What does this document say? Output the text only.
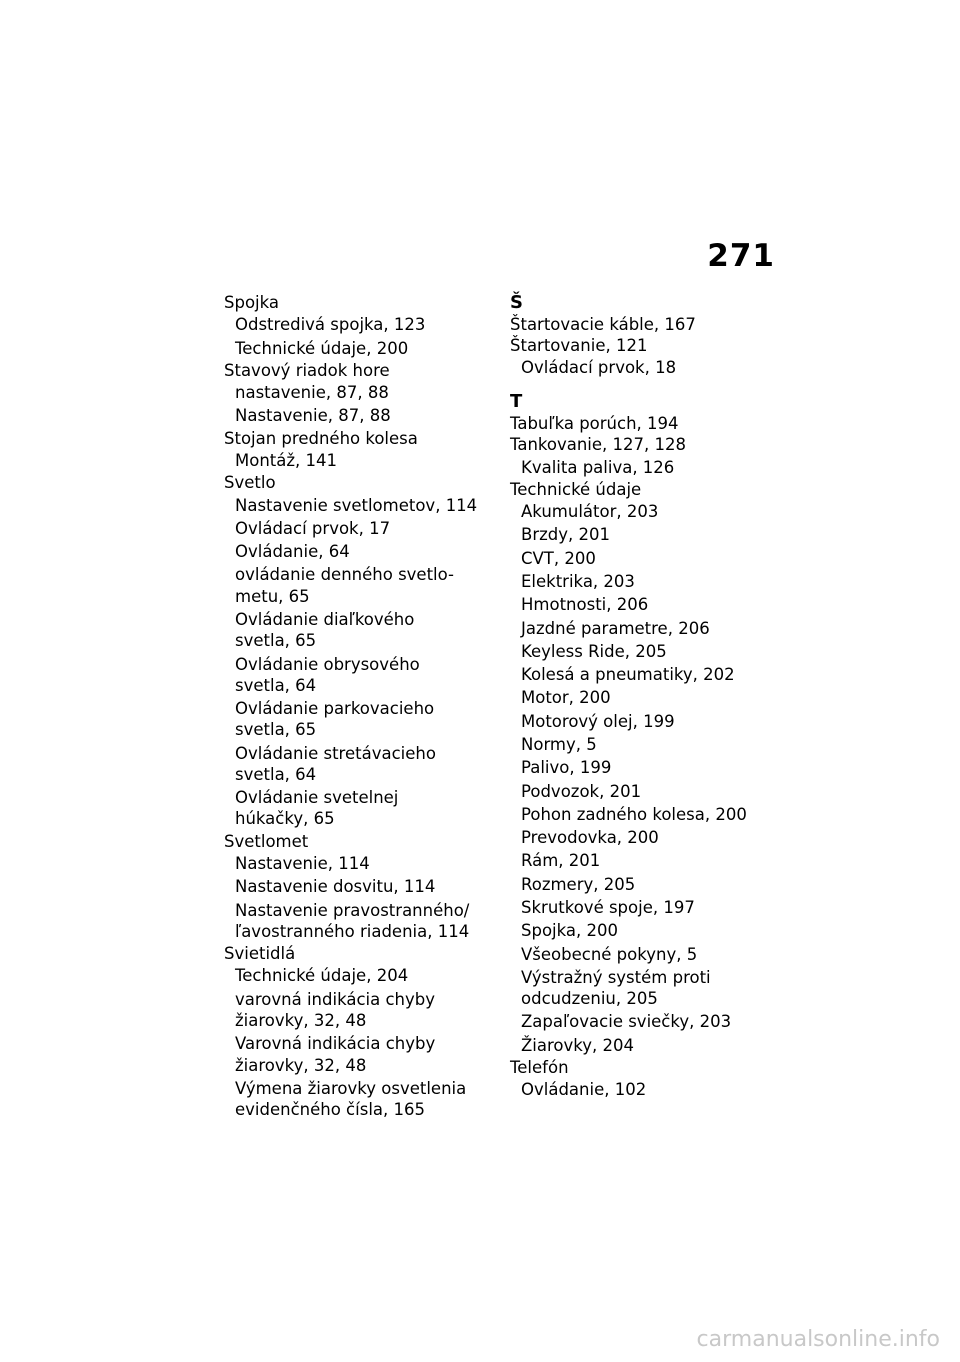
271
Spojka
Odstredivá spojka, 123
Technické údaje, 200
Stavový riadok hore
nastavenie, 87, 88
Nastavenie, 87, 88
Stojan predného kolesa
Montáž, 141
Svetlo
Nastavenie svetlometov, 114
Ovládací prvok, 17
Ovládanie, 64
ovládanie denného svetlo-
metu, 65
Ovládanie diaľkového
svetla, 65
Ovládanie obrysového
svetla, 64
Ovládanie parkovacieho
svetla, 65
Ovládanie stretávacieho
svetla, 64
Ovládanie svetelnej
húkačky, 65
Svetlomet
Nastavenie, 114
Nastavenie dosvitu, 114
Nastavenie pravostranného/
ľavostranného riadenia, 114
Svietidlá
Technické údaje, 204
varovná indikácia chyby
žiarovky, 32, 48
Varovná indikácia chyby
žiarovky, 32, 48
Výmena žiarovky osvetlenia
evidenčného čísla, 165
Š
Štartovacie káble, 167
Štartovanie, 121
Ovládací prvok, 18
T
Tabuľka porúch, 194
Tankovanie, 127, 128
Kvalita paliva, 126
Technické údaje
Akumulátor, 203
Brzdy, 201
CVT, 200
Elektrika, 203
Hmotnosti, 206
Jazdné parametre, 206
Keyless Ride, 205
Kolesá a pneumatiky, 202
Motor, 200
Motorový olej, 199
Normy, 5
Palivo, 199
Podvozok, 201
Pohon zadného kolesa, 200
Prevodovka, 200
Rám, 201
Rozmery, 205
Skrutkové spoje, 197
Spojka, 200
Všeobecné pokyny, 5
Výstražný systém proti
odcudzeniu, 205
Zapaľovacie sviečky, 203
Žiarovky, 204
Telefón
Ovládanie, 102
carmanualsonline.info
